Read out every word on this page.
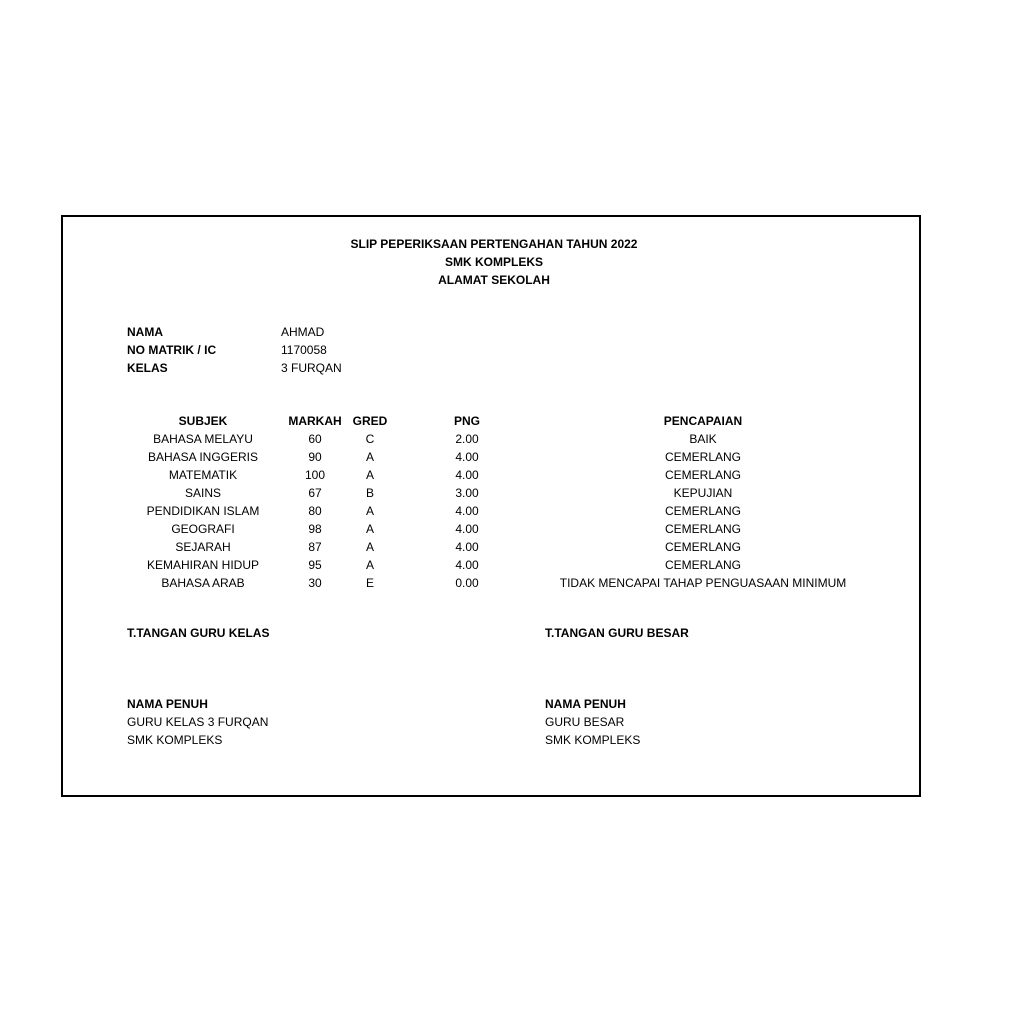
SLIP PEPERIKSAAN PERTENGAHAN TAHUN 2022
SMK KOMPLEKS
ALAMAT SEKOLAH
NAMA	AHMAD
NO MATRIK / IC	1170058
KELAS	3 FURQAN
SUBJEK	MARKAH GRED	PNG	PENCAPAIAN
BAHASA MELAYU	60	C	2.00	BAIK
BAHASA INGGERIS	90	A	4.00	CEMERLANG
MATEMATIK	100	A	4.00	CEMERLANG
SAINS	67	B	3.00	KEPUJIAN
PENDIDIKAN ISLAM	80	A	4.00	CEMERLANG
GEOGRAFI	98	A	4.00	CEMERLANG
SEJARAH	87	A	4.00	CEMERLANG
KEMAHIRAN HIDUP	95	A	4.00	CEMERLANG
BAHASA ARAB	30	E	0.00	TIDAK MENCAPAI TAHAP PENGUASAAN MINIMUM
T.TANGAN GURU KELAS	T.TANGAN GURU BESAR
NAMA PENUH
GURU KELAS 3 FURQAN
SMK KOMPLEKS
NAMA PENUH
GURU BESAR
SMK KOMPLEKS
